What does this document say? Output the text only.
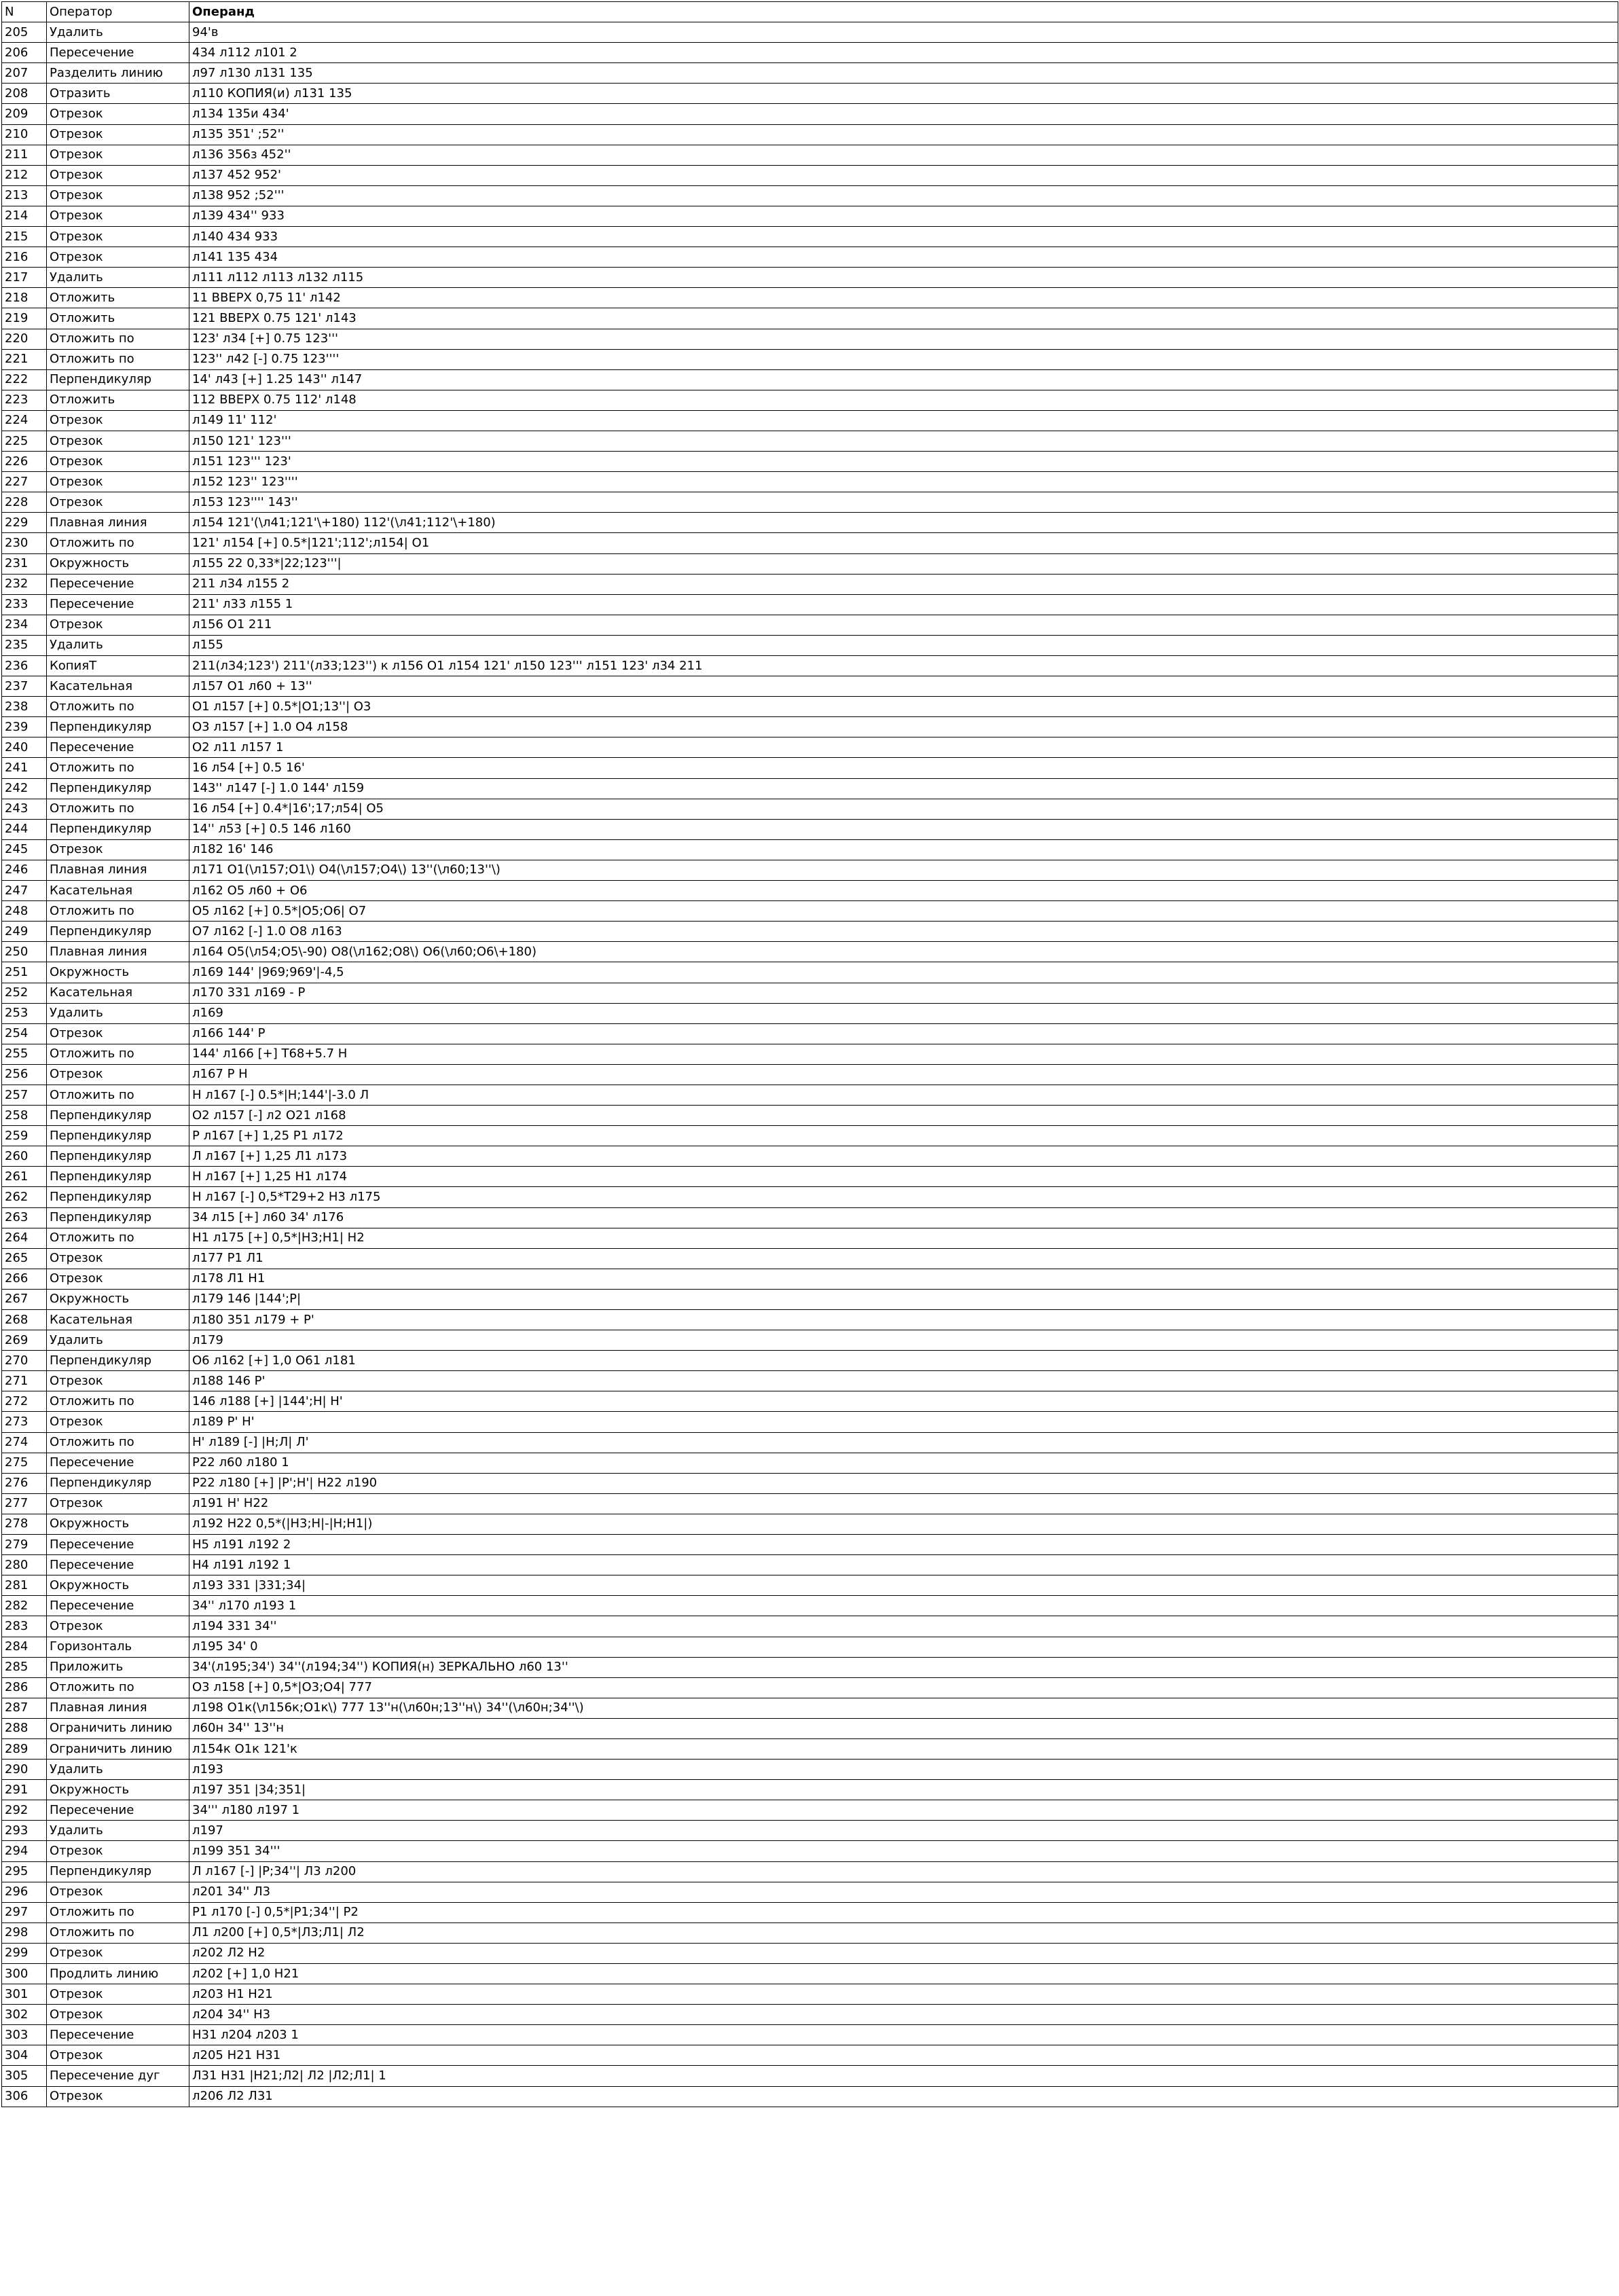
N	Оператор	Операнд
205	Удалить	94'в
206	Пересечение	434 л112 л101 2
207	Разделить линию	л97 л130 л131 135
208	Отразить	л110 КОПИЯ(и) л131 135
209	Отрезок	л134 135и 434'
210	Отрезок	л135 351' ;52''
211	Отрезок	л136 356з 452''
212	Отрезок	л137 452 952'
213	Отрезок	л138 952 ;52'''
214	Отрезок	л139 434'' 933
215	Отрезок	л140 434 933
216	Отрезок	л141 135 434
217	Удалить	л111 л112 л113 л132 л115
218	Отложить	11 ВВЕРХ 0,75 11' л142
219	Отложить	121 ВВЕРХ 0.75 121' л143
220	Отложить по	123' л34 [+] 0.75 123'''
221	Отложить по	123'' л42 [-] 0.75 123''''
222	Перпендикуляр	14' л43 [+] 1.25 143'' л147
223	Отложить	112 ВВЕРХ 0.75 112' л148
224	Отрезок	л149 11' 112'
225	Отрезок	л150 121' 123'''
226	Отрезок	л151 123''' 123'
227	Отрезок	л152 123'' 123''''
228	Отрезок	л153 123'''' 143''
229	Плавная линия	л154 121'(\л41;121'\+180) 112'(\л41;112'\+180)
230	Отложить по	121' л154 [+] 0.5*|121';112';л154| О1
231	Окружность	л155 22 0,33*|22;123'''|
232	Пересечение	211 л34 л155 2
233	Пересечение	211' л33 л155 1
234	Отрезок	л156 О1 211
235	Удалить	л155
236	КопияТ	211(л34;123') 211'(л33;123'') к л156 О1 л154 121' л150 123''' л151 123' л34 211
237	Касательная	л157 О1 л60 + 13''
238	Отложить по	О1 л157 [+] 0.5*|О1;13''| О3
239	Перпендикуляр	О3 л157 [+] 1.0 О4 л158
240	Пересечение	О2 л11 л157 1
241	Отложить по	16 л54 [+] 0.5 16'
242	Перпендикуляр	143'' л147 [-] 1.0 144' л159
243	Отложить по	16 л54 [+] 0.4*|16';17;л54| О5
244	Перпендикуляр	14'' л53 [+] 0.5 146 л160
245	Отрезок	л182 16' 146
246	Плавная линия	л171 О1(\л157;О1\) О4(\л157;О4\) 13''(\л60;13''\)
247	Касательная	л162 О5 л60 + О6
248	Отложить по	О5 л162 [+] 0.5*|О5;О6| О7
249	Перпендикуляр	О7 л162 [-] 1.0 О8 л163
250	Плавная линия	л164 О5(\л54;О5\-90) О8(\л162;О8\) О6(\л60;О6\+180)
251	Окружность	л169 144' |969;969'|-4,5
252	Касательная	л170 331 л169 - Р
253	Удалить	л169
254	Отрезок	л166 144' Р
255	Отложить по	144' л166 [+] Т68+5.7 Н
256	Отрезок	л167 Р Н
257	Отложить по	Н л167 [-] 0.5*|Н;144'|-3.0 Л
258	Перпендикуляр	О2 л157 [-] л2 О21 л168
259	Перпендикуляр	Р л167 [+] 1,25 Р1 л172
260	Перпендикуляр	Л л167 [+] 1,25 Л1 л173
261	Перпендикуляр	Н л167 [+] 1,25 Н1 л174
262	Перпендикуляр	Н л167 [-] 0,5*Т29+2 Н3 л175
263	Перпендикуляр	34 л15 [+] л60 34' л176
264	Отложить по	Н1 л175 [+] 0,5*|Н3;Н1| Н2
265	Отрезок	л177 Р1 Л1
266	Отрезок	л178 Л1 Н1
267	Окружность	л179 146 |144';Р|
268	Касательная	л180 351 л179 + Р'
269	Удалить	л179
270	Перпендикуляр	О6 л162 [+] 1,0 О61 л181
271	Отрезок	л188 146 Р'
272	Отложить по	146 л188 [+] |144';Н| Н'
273	Отрезок	л189 Р' Н'
274	Отложить по	Н' л189 [-] |Н;Л| Л'
275	Пересечение	Р22 л60 л180 1
276	Перпендикуляр	Р22 л180 [+] |Р';Н'| Н22 л190
277	Отрезок	л191 Н' Н22
278	Окружность	л192 Н22 0,5*(|Н3;Н|-|Н;Н1|)
279	Пересечение	Н5 л191 л192 2
280	Пересечение	Н4 л191 л192 1
281	Окружность	л193 331 |331;34|
282	Пересечение	34'' л170 л193 1
283	Отрезок	л194 331 34''
284	Горизонталь	л195 34' 0
285	Приложить	34'(л195;34') 34''(л194;34'') КОПИЯ(н) ЗЕРКАЛЬНО л60 13''
286	Отложить по	О3 л158 [+] 0,5*|О3;О4| 777
287	Плавная линия	л198 О1к(\л156к;О1к\) 777 13''н(\л60н;13''н\) 34''(\л60н;34''\)
288	Ограничить линию	л60н 34'' 13''н
289	Ограничить линию	л154к О1к 121'к
290	Удалить	л193
291	Окружность	л197 351 |34;351|
292	Пересечение	34''' л180 л197 1
293	Удалить	л197
294	Отрезок	л199 351 34'''
295	Перпендикуляр	Л л167 [-] |Р;34''| Л3 л200
296	Отрезок	л201 34'' Л3
297	Отложить по	Р1 л170 [-] 0,5*|Р1;34''| Р2
298	Отложить по	Л1 л200 [+] 0,5*|Л3;Л1| Л2
299	Отрезок	л202 Л2 Н2
300	Продлить линию	л202 [+] 1,0 Н21
301	Отрезок	л203 Н1 Н21
302	Отрезок	л204 34'' Н3
303	Пересечение	Н31 л204 л203 1
304	Отрезок	л205 Н21 Н31
305	Пересечение дуг	Л31 Н31 |Н21;Л2| Л2 |Л2;Л1| 1
306	Отрезок	л206 Л2 Л31
